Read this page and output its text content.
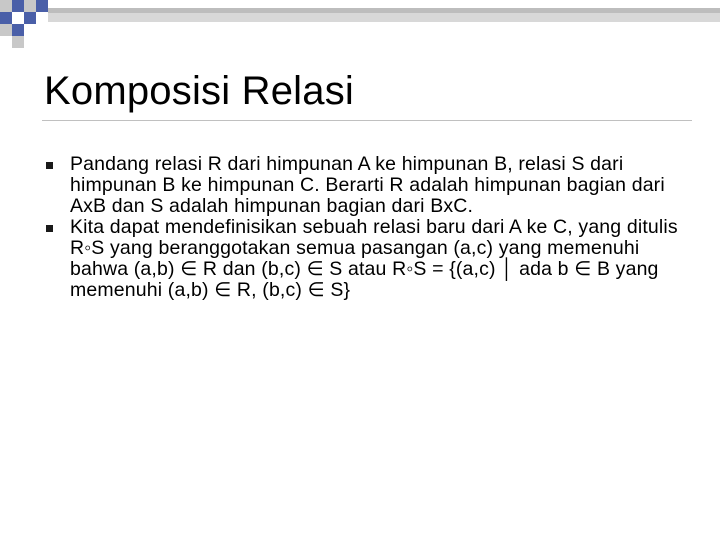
Komposisi Relasi
Pandang relasi R dari himpunan A ke himpunan B, relasi S dari himpunan B ke himpunan C. Berarti R adalah himpunan bagian dari AxB dan S adalah himpunan bagian dari BxC.
Kita dapat mendefinisikan sebuah relasi baru dari A ke C, yang ditulis R◦S yang beranggotakan semua pasangan (a,c) yang memenuhi bahwa (a,b) ∈ R dan (b,c) ∈ S atau R◦S = {(a,c) │ ada b ∈ B yang memenuhi (a,b) ∈ R, (b,c) ∈ S}
